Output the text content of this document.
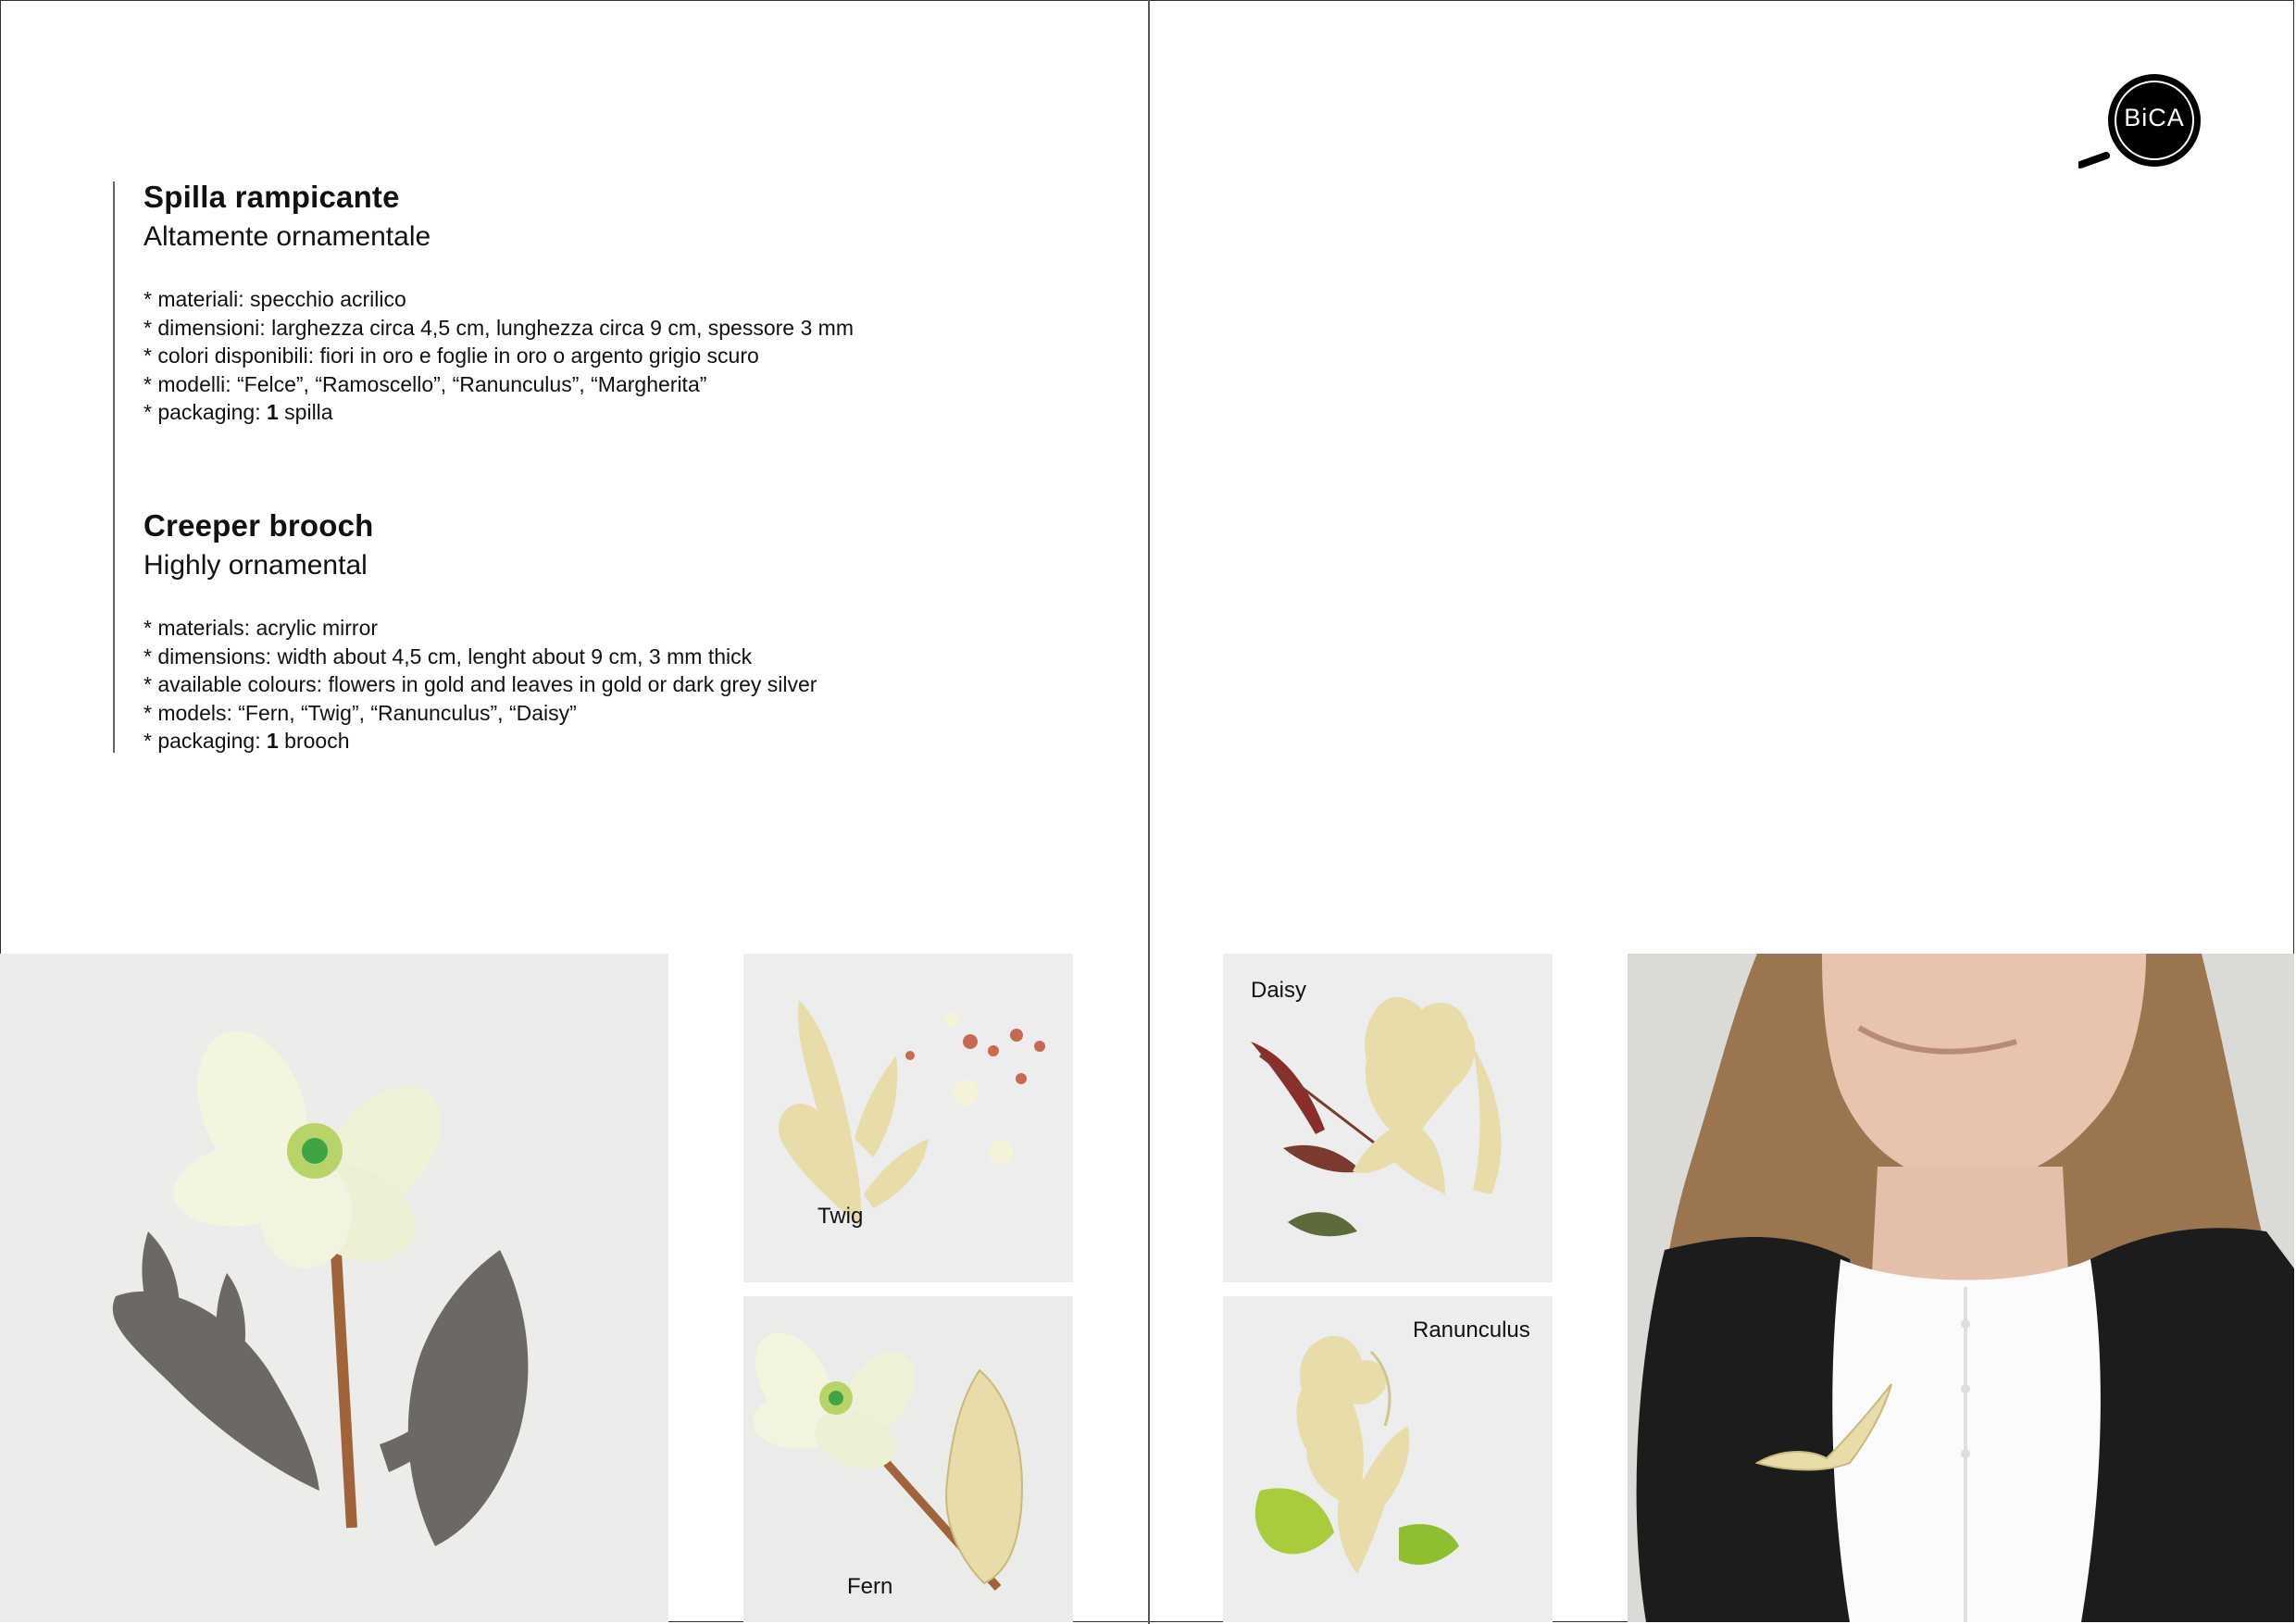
BiCA
Spilla rampicante
Altamente ornamentale
* materiali: specchio acrilico
* dimensioni: larghezza circa 4,5 cm, lunghezza circa 9 cm, spessore 3 mm
* colori disponibili: fiori in oro e foglie in oro o argento grigio scuro
* modelli: “Felce”, “Ramoscello”, “Ranunculus”, “Margherita”
* packaging: 1 spilla
Creeper brooch
Highly ornamental
* materials: acrylic mirror
* dimensions: width about 4,5 cm, lenght about 9 cm, 3 mm thick
* available colours: flowers in gold and leaves in gold or dark grey silver
* models: “Fern, “Twig”, “Ranunculus”, “Daisy”
* packaging: 1 brooch
Twig
Fern
Daisy
Ranunculus
